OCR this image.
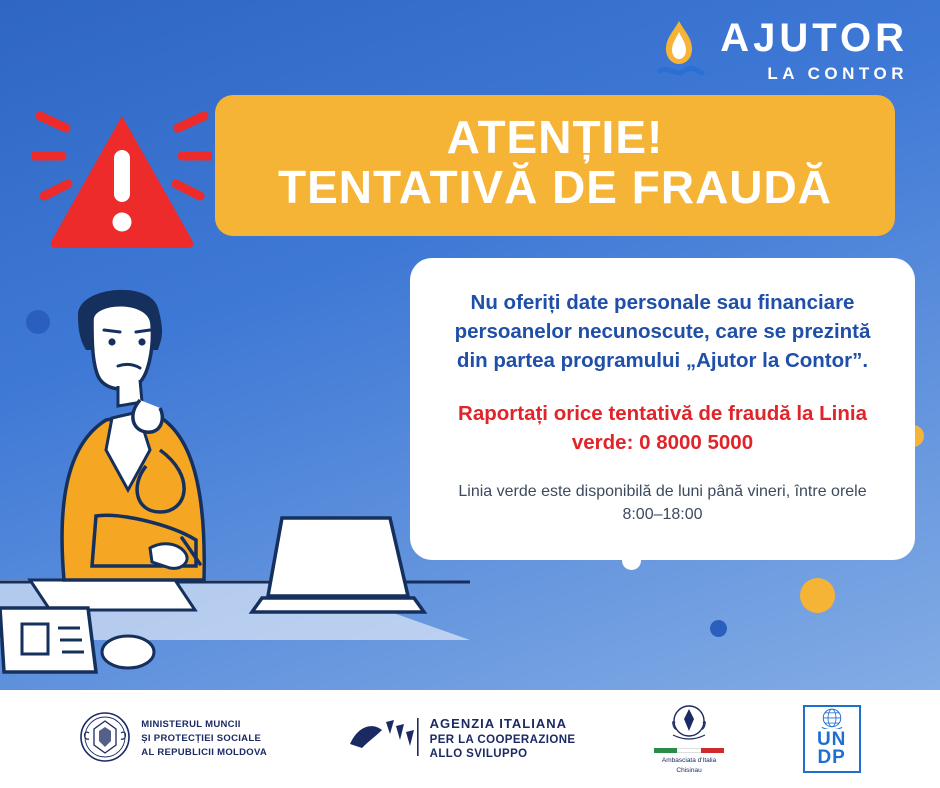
AJUTOR
LA CONTOR
ATENȚIE!
TENTATIVĂ DE FRAUDĂ
Nu oferiți date personale sau financiare persoanelor necunoscute, care se prezintă din partea programului „Ajutor la Contor”.
Raportați orice tentativă de fraudă la Linia verde: 0 8000 5000
Linia verde este disponibilă de luni până vineri, între orele 8:00–18:00
MINISTERUL MUNCII
ȘI PROTECȚIEI SOCIALE
AL REPUBLICII MOLDOVA
AGENZIA ITALIANA
PER LA COOPERAZIONE
ALLO SVILUPPO
Ambasciata d'Italia
Chisinau
UN
DP
